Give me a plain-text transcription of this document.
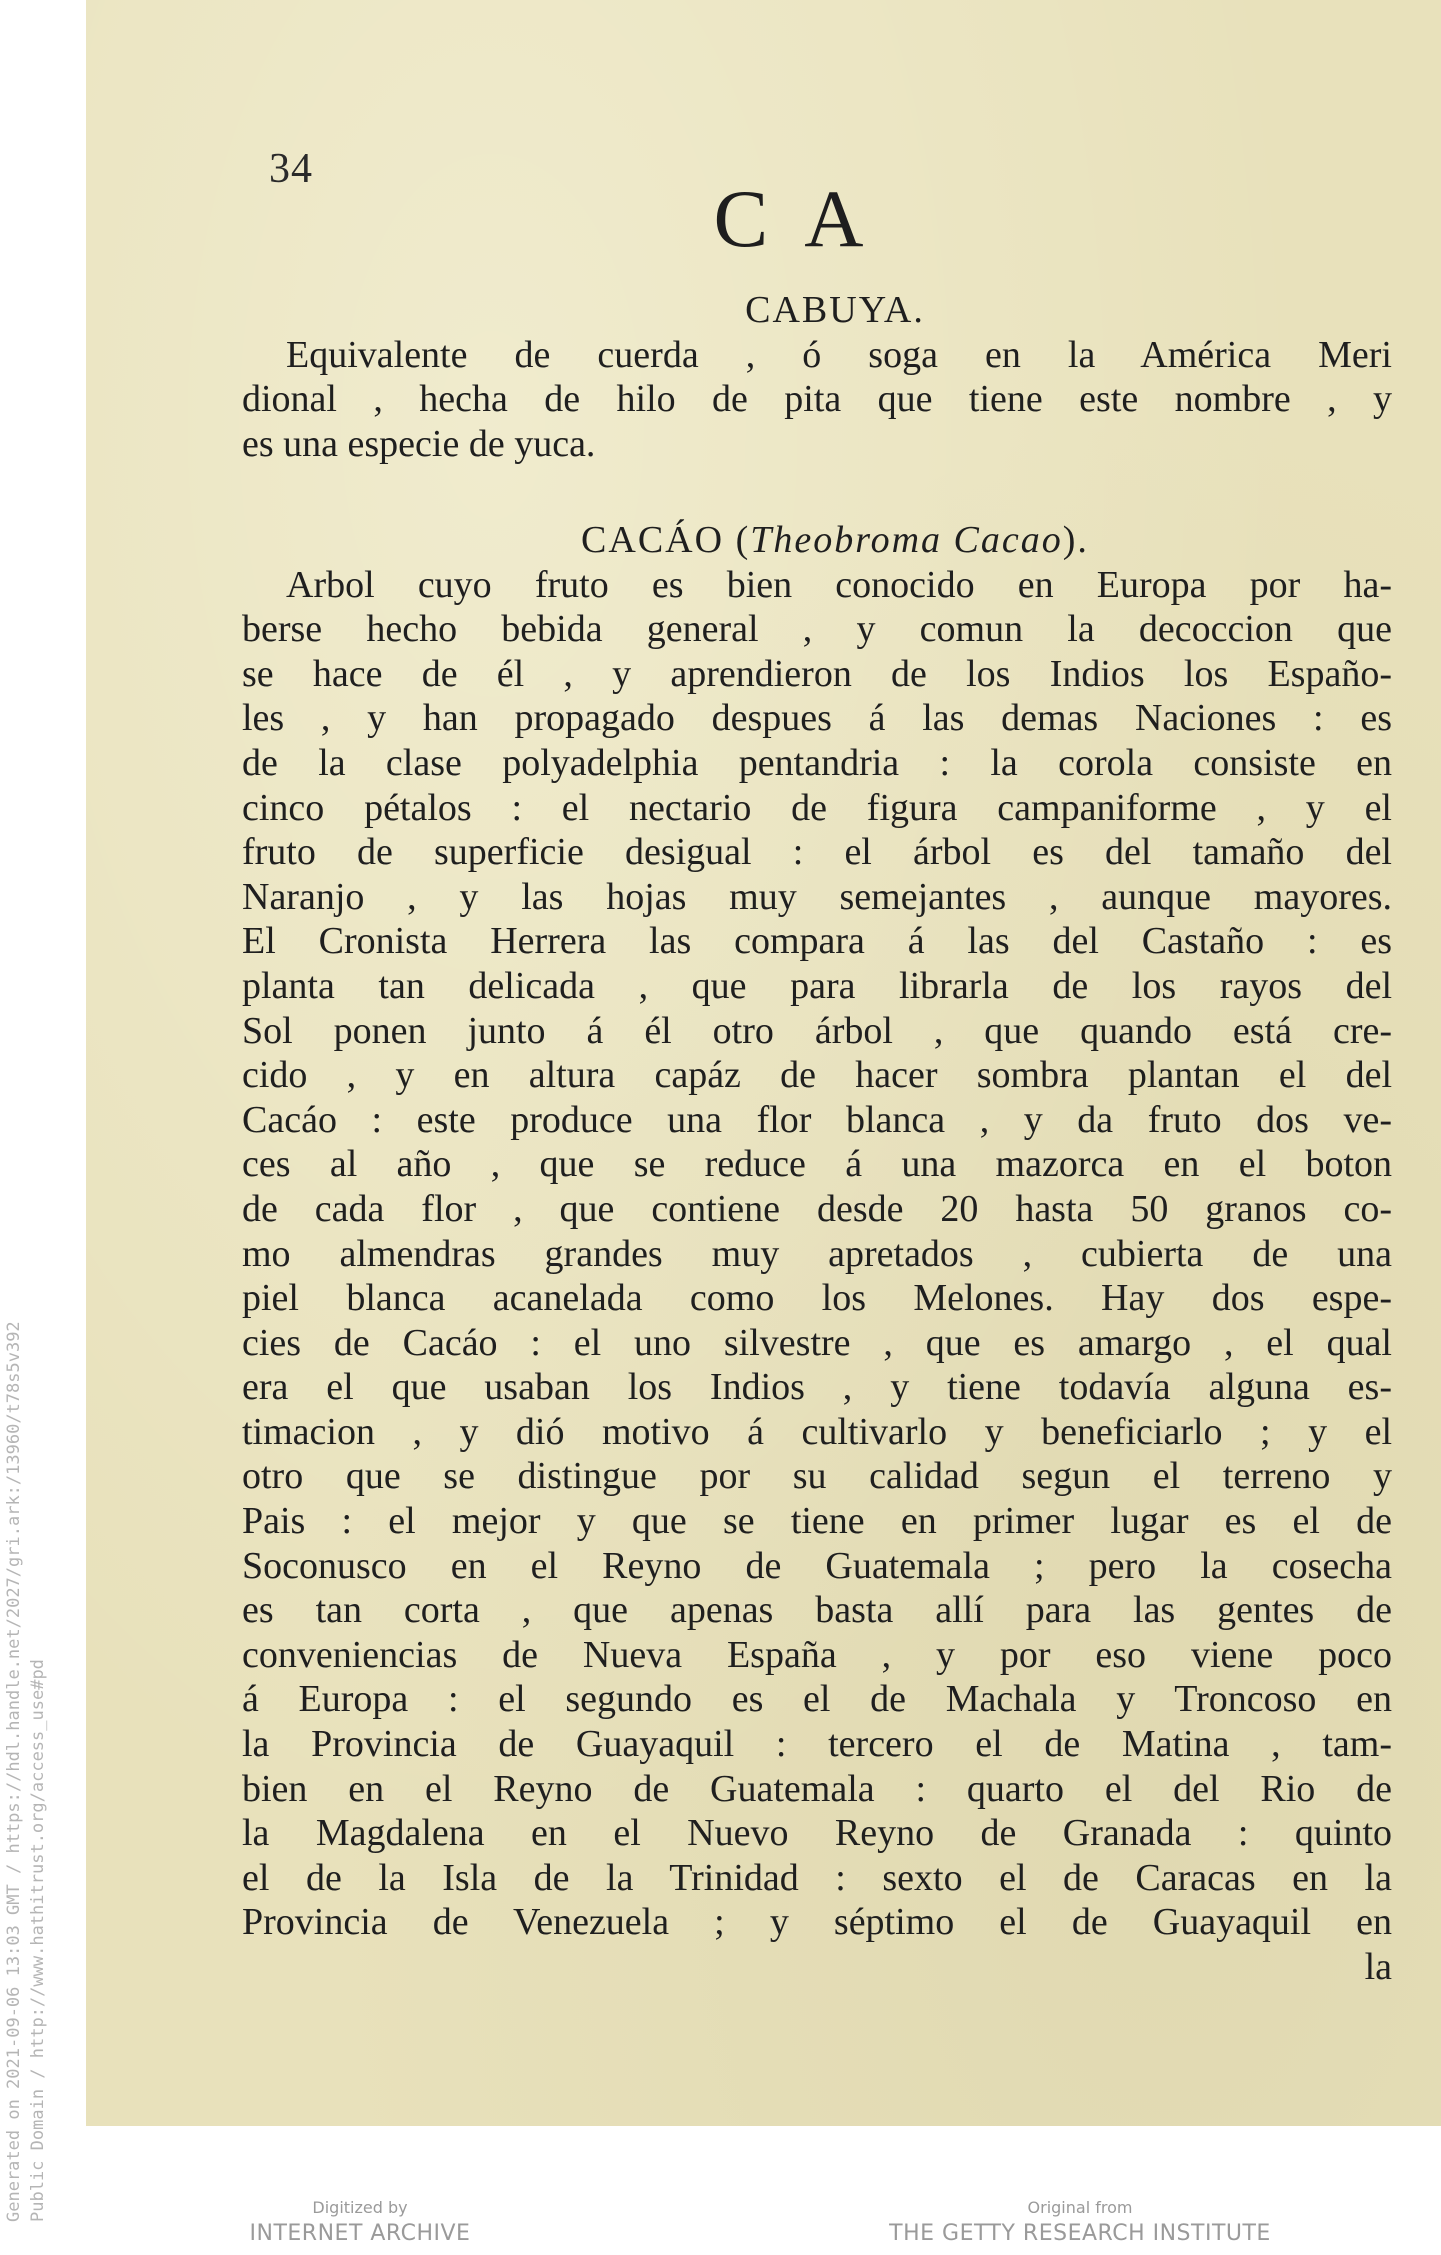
Generated on 2021-09-06 13:03 GMT / https://hdl.handle.net/2027/gri.ark:/13960/t78s5v392 Public Domain / http://www.hathitrust.org/access_use#pd
34
C A
CABUYA.
Equivalente de cuerda , ó soga en la América Meri
dional , hecha de hilo de pita que tiene este nombre , y
es una especie de yuca.
CACÁO (Theobroma Cacao).
Arbol cuyo fruto es bien conocido en Europa por ha-
berse hecho bebida general , y comun la decoccion que
se hace de él , y aprendieron de los Indios los Españo-
les , y han propagado despues á las demas Naciones : es
de la clase polyadelphia pentandria : la corola consiste en
cinco pétalos : el nectario de figura campaniforme , y el
fruto de superficie desigual : el árbol es del tamaño del
Naranjo , y las hojas muy semejantes , aunque mayores.
El Cronista Herrera las compara á las del Castaño : es
planta tan delicada , que para librarla de los rayos del
Sol ponen junto á él otro árbol , que quando está cre-
cido , y en altura capáz de hacer sombra plantan el del
Cacáo : este produce una flor blanca , y da fruto dos ve-
ces al año , que se reduce á una mazorca en el boton
de cada flor , que contiene desde 20 hasta 50 granos co-
mo almendras grandes muy apretados , cubierta de una
piel blanca acanelada como los Melones. Hay dos espe-
cies de Cacáo : el uno silvestre , que es amargo , el qual
era el que usaban los Indios , y tiene todavía alguna es-
timacion , y dió motivo á cultivarlo y beneficiarlo ; y el
otro que se distingue por su calidad segun el terreno y
Pais : el mejor y que se tiene en primer lugar es el de
Soconusco en el Reyno de Guatemala ; pero la cosecha
es tan corta , que apenas basta allí para las gentes de
conveniencias de Nueva España , y por eso viene poco
á Europa : el segundo es el de Machala y Troncoso en
la Provincia de Guayaquil : tercero el de Matina , tam-
bien en el Reyno de Guatemala : quarto el del Rio de
la Magdalena en el Nuevo Reyno de Granada : quinto
el de la Isla de la Trinidad : sexto el de Caracas en la
Provincia de Venezuela ; y séptimo el de Guayaquil en
la
Digitized by
INTERNET ARCHIVE
Original from
THE GETTY RESEARCH INSTITUTE
